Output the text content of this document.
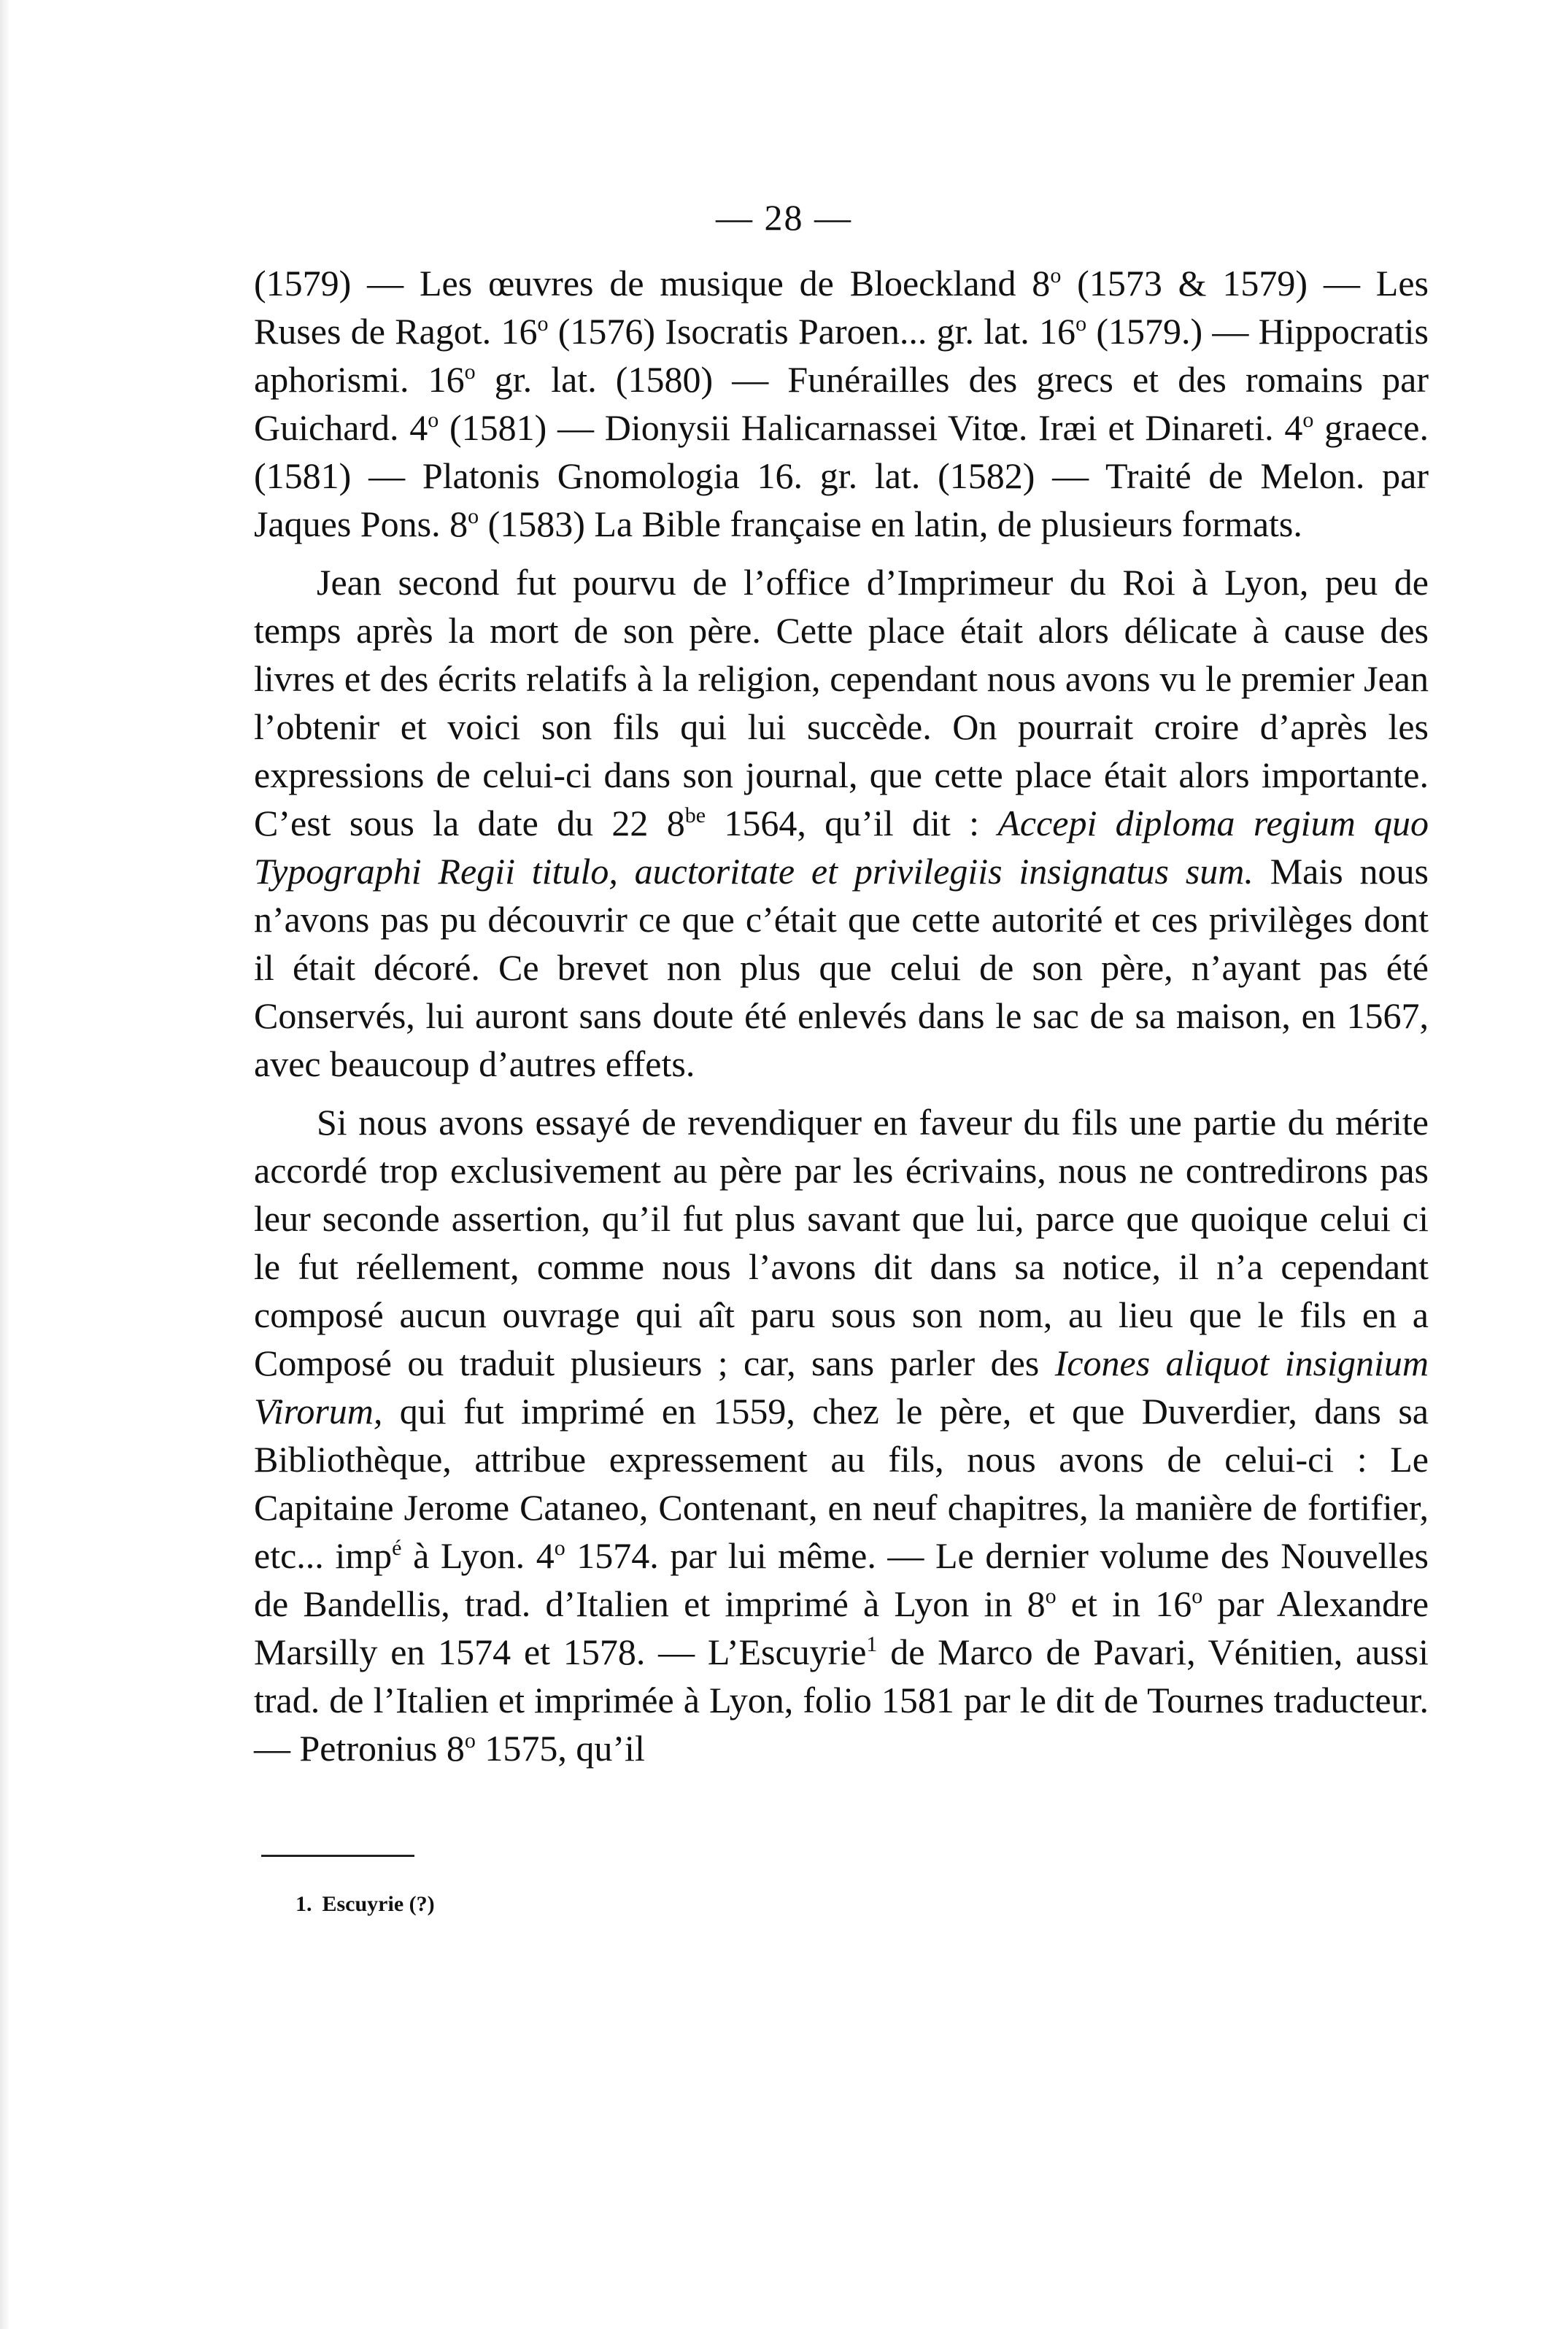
— 28 —

(1579) — Les œuvres de musique de Bloeckland 8$^o$ (1573 & 1579) — Les Ruses de Ragot. 16$^o$ (1576) Isocratis Paroen... gr. lat. 16$^o$ (1579.) — Hippocratis aphorismi. 16$^o$ gr. lat. (1580) — Funérailles des grecs et des romains par Guichard. 4$^o$ (1581) — Dionysii Halicarnassei Vitœ. Iræi et Dinareti. 4$^o$ graece. (1581) — Platonis Gnomologia 16. gr. lat. (1582) — Traité de Melon. par Jaques Pons. 8$^o$ (1583) La Bible française en latin, de plusieurs formats.

Jean second fut pourvu de l’office d’Imprimeur du Roi à Lyon, peu de temps après la mort de son père. Cette place était alors délicate à cause des livres et des écrits relatifs à la religion, cependant nous avons vu le premier Jean l’obtenir et voici son fils qui lui succède. On pourrait croire d’après les expressions de celui-ci dans son journal, que cette place était alors importante. C’est sous la date du 22 $8^{be}$ 1564, qu’il dit : Accepi diploma regium quo Typographi Regii titulo, auctoritate et privilegiis insignatus sum. Mais nous n’avons pas pu découvrir ce que c’était que cette autorité et ces privilèges dont il était décoré. Ce brevet non plus que celui de son père, n’ayant pas été Conservés, lui auront sans doute été enlevés dans le sac de sa maison, en 1567, avec beaucoup d’autres effets.

Si nous avons essayé de revendiquer en faveur du fils une partie du mérite accordé trop exclusivement au père par les écrivains, nous ne contredirons pas leur seconde assertion, qu’il fut plus savant que lui, parce que quoique celui ci le fut réellement, comme nous l’avons dit dans sa notice, il n’a cependant composé aucun ouvrage qui aît paru sous son nom, au lieu que le fils en a Composé ou traduit plusieurs ; car, sans parler des Icones aliquot insignium Virorum, qui fut imprimé en 1559, chez le père, et que Duverdier, dans sa Bibliothèque, attribue expressement au fils, nous avons de celui-ci : Le Capitaine Jerome Cataneo, Contenant, en neuf chapitres, la manière de fortifier, etc... imp$^é$ à Lyon. 4$^o$ 1574. par lui même. — Le dernier volume des Nouvelles de Bandellis, trad. d’Italien et imprimé à Lyon in 8$^o$ et in 16$^o$ par Alexandre Marsilly en 1574 et 1578. — L’Escuyrie$^1$ de Marco de Pavari, Vénitien, aussi trad. de l’Italien et imprimée à Lyon, folio 1581 par le dit de Tournes traducteur. — Petronius 8$^o$ 1575, qu’il

1. Escuyrie (?)
